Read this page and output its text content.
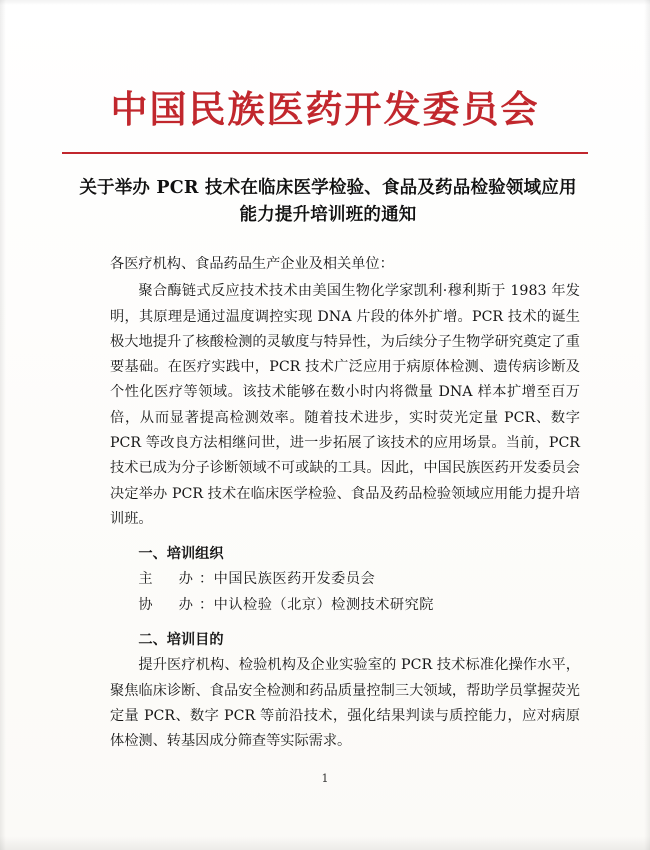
中国民族医药开发委员会
关于举办 PCR 技术在临床医学检验、食品及药品检验领域应用能力提升培训班的通知

各医疗机构、食品药品生产企业及相关单位：

聚合酶链式反应技术技术由美国生物化学家凯利·穆利斯于 1983 年发明，其原理是通过温度调控实现 DNA 片段的体外扩增。PCR 技术的诞生极大地提升了核酸检测的灵敏度与特异性，为后续分子生物学研究奠定了重要基础。在医疗实践中，PCR 技术广泛应用于病原体检测、遗传病诊断及个性化医疗等领域。该技术能够在数小时内将微量 DNA 样本扩增至百万倍，从而显著提高检测效率。随着技术进步，实时荧光定量 PCR、数字 PCR 等改良方法相继问世，进一步拓展了该技术的应用场景。当前，PCR 技术已成为分子诊断领域不可或缺的工具。因此，中国民族医药开发委员会决定举办 PCR 技术在临床医学检验、食品及药品检验领域应用能力提升培训班。

一、培训组织

主　办：中国民族医药开发委员会

协　办：中认检验（北京）检测技术研究院

二、培训目的

提升医疗机构、检验机构及企业实验室的 PCR 技术标准化操作水平，聚焦临床诊断、食品安全检测和药品质量控制三大领域，帮助学员掌握荧光定量 PCR、数字 PCR 等前沿技术，强化结果判读与质控能力，应对病原体检测、转基因成分筛查等实际需求。

1
